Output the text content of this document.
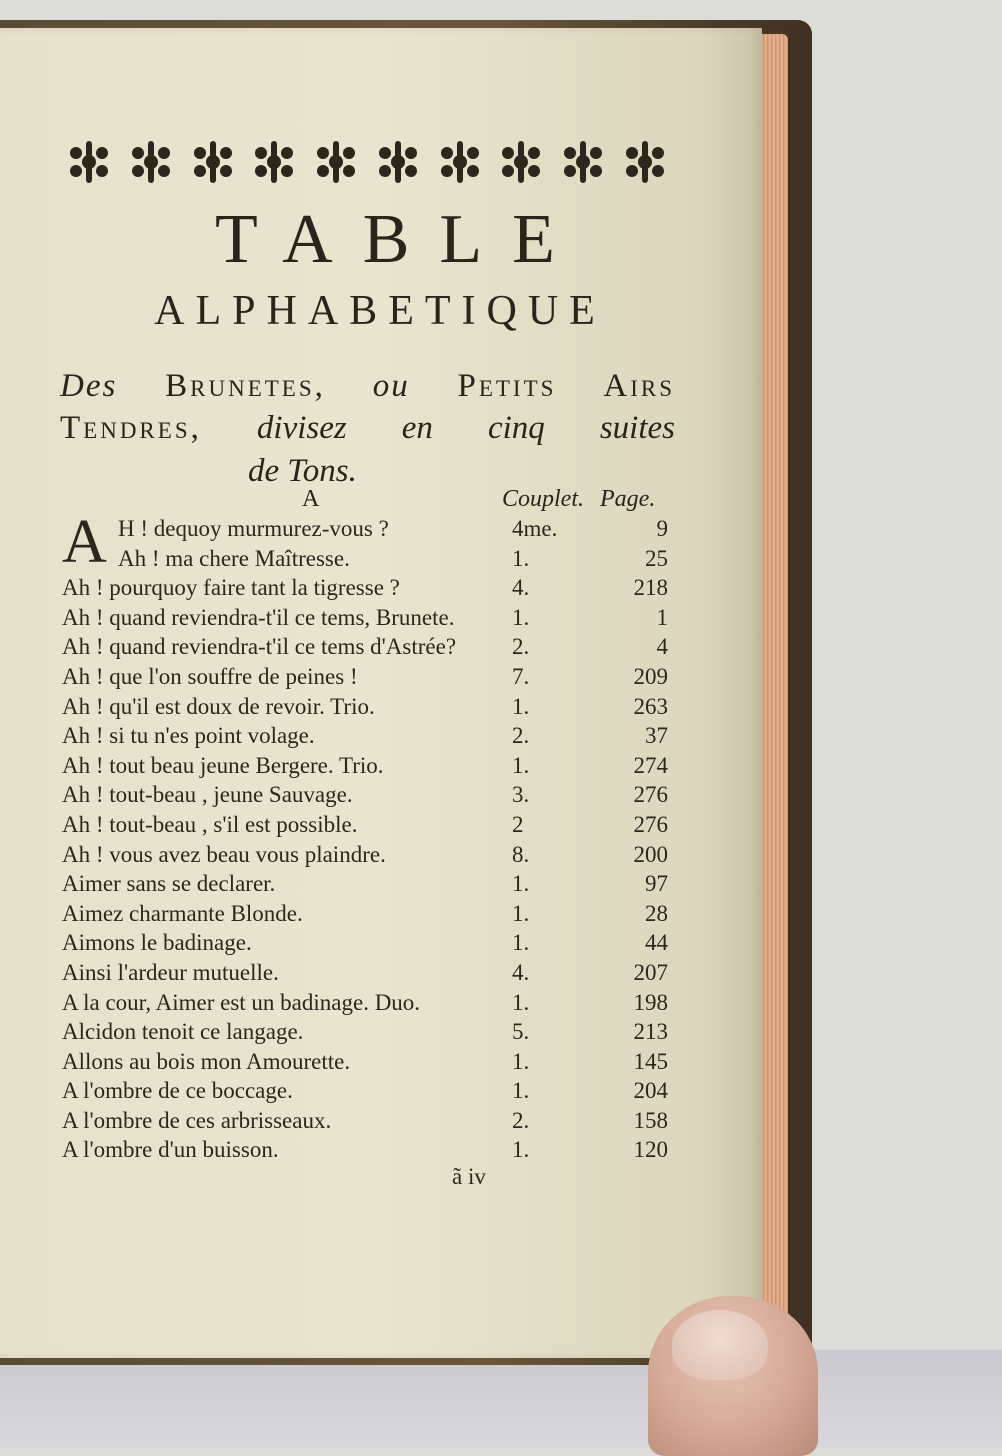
TABLE
ALPHABETIQUE
Des Brunetes, ou Petits Airs
Tendres, divisez en cinq suites
de Tons.
A	Couplet. Page.
A H ! dequoy murmurez-vous ?	4me.	9
Ah ! ma chere Maîtresse.	1.	25
Ah ! pourquoy faire tant la tigresse ?	4.	218
Ah ! quand reviendra-t'il ce tems, Brunete.	1.	1
Ah ! quand reviendra-t'il ce tems d'Astrée? 2.	4
Ah ! que l'on souffre de peines !	7.	209
Ah ! qu'il est doux de revoir. Trio.	1.	263
Ah ! si tu n'es point volage.	2.	37
Ah ! tout beau jeune Bergere. Trio.	1.	274
Ah ! tout-beau , jeune Sauvage.	3.	276
Ah ! tout-beau , s'il est possible.	2	276
Ah ! vous avez beau vous plaindre.	8.	200
Aimer sans se declarer.	1.	97
Aimez charmante Blonde.	1.	28
Aimons le badinage.	1.	44
Ainsi l'ardeur mutuelle.	4.	207
A la cour, Aimer est un badinage. Duo.	1.	198
Alcidon tenoit ce langage.	5.	213
Allons au bois mon Amourette.	1.	145
A l'ombre de ce boccage.	1.	204
A l'ombre de ces arbrisseaux.	2.	158
A l'ombre d'un buisson.	1.	120
ã iv
